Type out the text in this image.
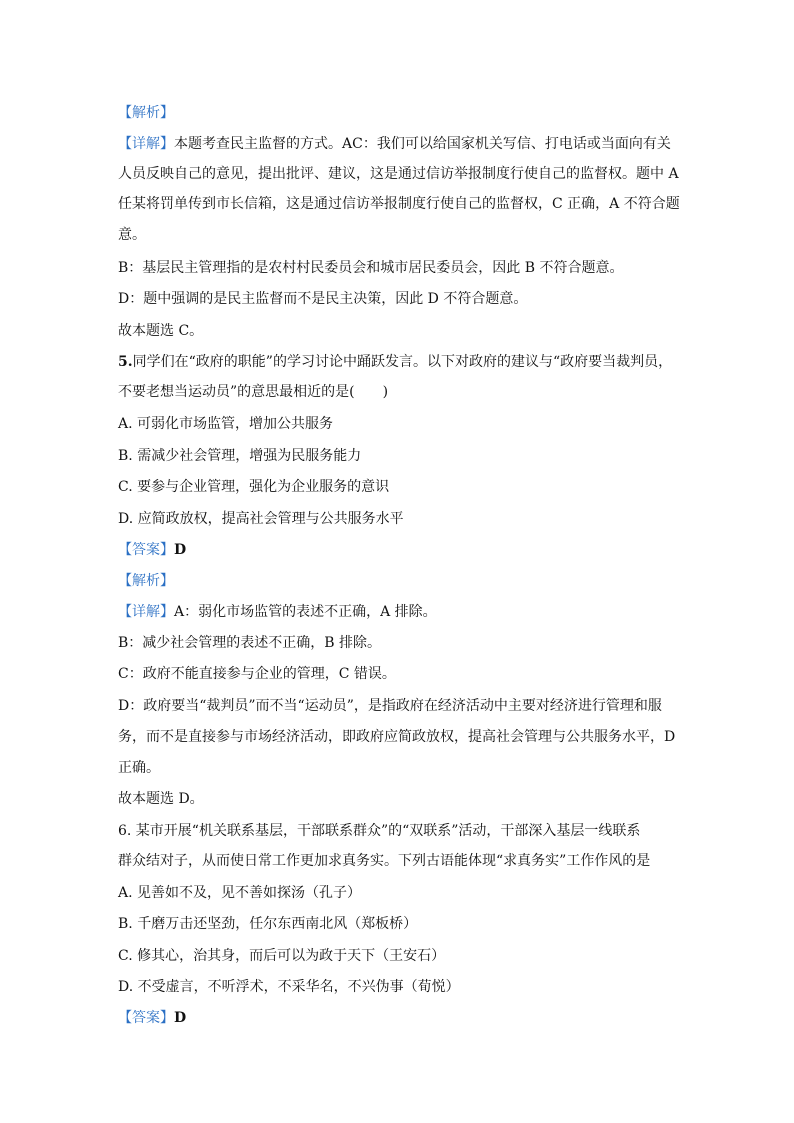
【解析】
【详解】本题考查民主监督的方式。AC：我们可以给国家机关写信、打电话或当面向有关
人员反映自己的意见，提出批评、建议，这是通过信访举报制度行使自己的监督权。题中 A
任某将罚单传到市长信箱，这是通过信访举报制度行使自己的监督权，C 正确，A 不符合题
意。
B：基层民主管理指的是农村村民委员会和城市居民委员会，因此 B 不符合题意。
D：题中强调的是民主监督而不是民主决策，因此 D 不符合题意。
故本题选 C。
5.同学们在“政府的职能”的学习讨论中踊跃发言。以下对政府的建议与“政府要当裁判员，
不要老想当运动员”的意思最相近的是(　　)
A. 可弱化市场监管，增加公共服务
B. 需减少社会管理，增强为民服务能力
C. 要参与企业管理，强化为企业服务的意识
D. 应简政放权，提高社会管理与公共服务水平
【答案】D
【解析】
【详解】A：弱化市场监管的表述不正确，A 排除。
B：减少社会管理的表述不正确，B 排除。
C：政府不能直接参与企业的管理，C 错误。
D：政府要当“裁判员”而不当“运动员”，是指政府在经济活动中主要对经济进行管理和服
务，而不是直接参与市场经济活动，即政府应简政放权，提高社会管理与公共服务水平，D
正确。
故本题选 D。
6. 某市开展“机关联系基层，干部联系群众”的“双联系”活动，干部深入基层一线联系
群众结对子，从而使日常工作更加求真务实。下列古语能体现“求真务实”工作作风的是
A. 见善如不及，见不善如探汤（孔子）
B. 千磨万击还坚劲，任尔东西南北风（郑板桥）
C. 修其心，治其身，而后可以为政于天下（王安石）
D. 不受虚言，不听浮术，不采华名，不兴伪事（荀悦）
【答案】D
